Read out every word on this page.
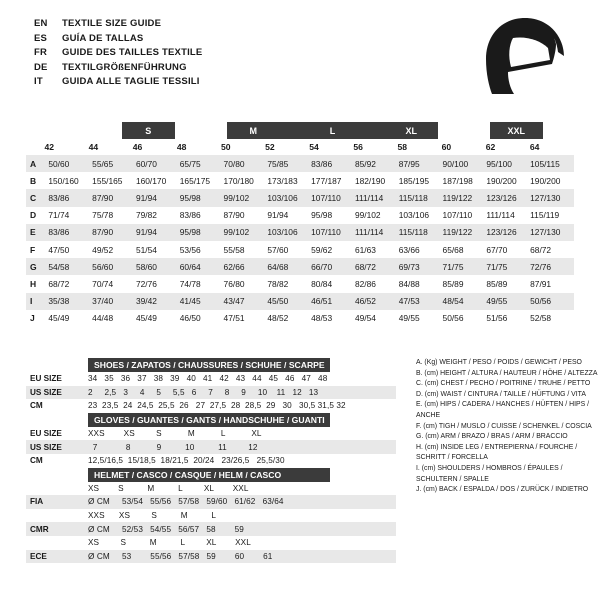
EN	TEXTILE SIZE GUIDE
ES	GUÍA DE TALLAS
FR	GUIDE DES TAILLES TEXTILE
DE	TEXTILGRÖßENFÜHRUNG
IT	GUIDA ALLE TAGLIE TESSILI
S	M	L	XL	XXL
42	44	46	48	50	52	54	56	58	60	62	64
A	50/60	55/65	60/70	65/75	70/80	75/85	83/86	85/92	87/95	90/100	95/100	105/115
B	150/160	155/165	160/170	165/175	170/180	173/183	177/187	182/190	185/195	187/198	190/200	190/200
C	83/86	87/90	91/94	95/98	99/102	103/106	107/110	111/114	115/118	119/122	123/126	127/130
D	71/74	75/78	79/82	83/86	87/90	91/94	95/98	99/102	103/106	107/110	111/114	115/119
E	83/86	87/90	91/94	95/98	99/102	103/106	107/110	111/114	115/118	119/122	123/126	127/130
F	47/50	49/52	51/54	53/56	55/58	57/60	59/62	61/63	63/66	65/68	67/70	68/72
G	54/58	56/60	58/60	60/64	62/66	64/68	66/70	68/72	69/73	71/75	71/75	72/76
H	68/72	70/74	72/76	74/78	76/80	78/82	80/84	82/86	84/88	85/89	85/89	87/91
I	35/38	37/40	39/42	41/45	43/47	45/50	46/51	46/52	47/53	48/54	49/55	50/56
J	45/49	44/48	45/49	46/50	47/51	48/52	48/53	49/54	49/55	50/56	51/56	52/58
SHOES / ZAPATOS / CHAUSSURES / SCHUHE / SCARPE
EU SIZE	34   35   36   37   38   39   40   41   42   43   44   45   46   47   48
US SIZE	2     2,5   3     4     5     5,5   6     7     8     9     10    11   12   13
CM	23  23,5  24  24,5  25,5  26   27  27,5  28  28,5  29   30   30,5 31,5 32
GLOVES / GUANTES / GANTS / HANDSCHUHE / GUANTI
EU SIZE	XXS        XS         S           M           L           XL
US SIZE	7            8           9          10          11         12
CM	12,5/16,5  15/18,5  18/21,5  20/24   23/26,5   25,5/30
HELMET / CASCO / CASQUE / HELM / CASCO
XS        S          M          L         XL        XXL
FIA	Ø CM	53/54   55/56   57/58   59/60   61/62   63/64
XXS      XS         S          M          L
CMR	Ø CM	52/53   54/55   56/57   58        59
XS         S          M          L         XL        XXL
ECE	Ø CM	53        55/56   57/58   59        60        61
A. (Kg) WEIGHT / PESO / POIDS / GEWICHT / PESO
B. (cm) HEIGHT / ALTURA / HAUTEUR / HÖHE / ALTEZZA
C. (cm) CHEST / PECHO / POITRINE / TRUHE / PETTO
D. (cm) WAIST / CINTURA / TAILLE / HÜFTUNG / VITA
E. (cm) HIPS / CADERA / HANCHES / HÜFTEN / HIPS / ANCHE
F. (cm) TIGH / MUSLO / CUISSE / SCHENKEL / COSCIA
G. (cm) ARM / BRAZO / BRAS / ARM / BRACCIO
H. (cm) INSIDE LEG / ENTREPIERNA / FOURCHE /
SCHRITT / FORCELLA
I. (cm) SHOULDERS / HOMBROS / ÉPAULES /
SCHULTERN / SPALLE
J. (cm) BACK / ESPALDA / DOS / ZURÜCK / INDIETRO
